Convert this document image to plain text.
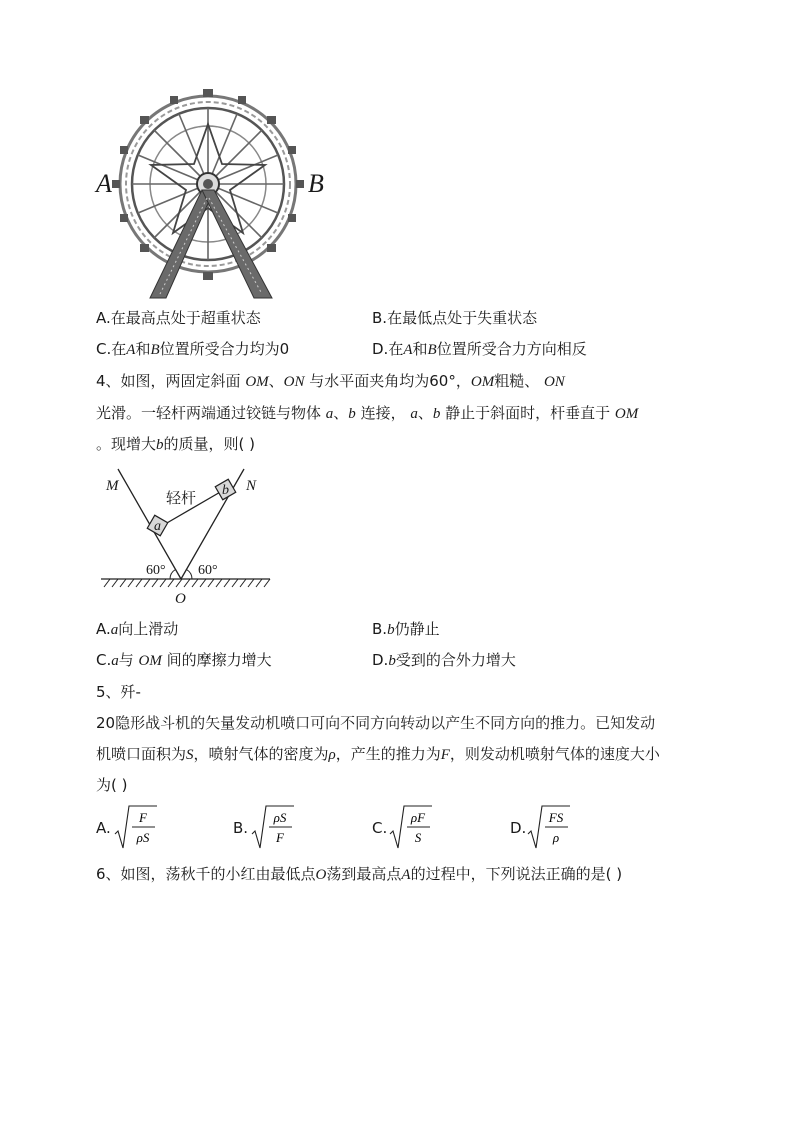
A	B
A.在最高点处于超重状态	B.在最低点处于失重状态
C.在A和B位置所受合力均为0	D.在A和B位置所受合力方向相反
4、如图，两固定斜面 OM、ON 与水平面夹角均为60°，OM粗糙、 ON
光滑。一轻杆两端通过铰链与物体 a、b 连接， a、b 静止于斜面时，杆垂直于 OM
。现增大b的质量，则( )
M	N
轻杆
a
b
60° 60°
O
A.a向上滑动	B.b仍静止
C.a与 OM 间的摩擦力增大	D.b受到的合外力增大
5、歼-
20隐形战斗机的矢量发动机喷口可向不同方向转动以产生不同方向的推力。已知发动
机喷口面积为S，喷射气体的密度为ρ，产生的推力为F，则发动机喷射气体的速度大小
为( )
A.
F
ρS
B.
ρS
F
C.
ρF
S
D.
FS
ρ
6、如图，荡秋千的小红由最低点O荡到最高点A的过程中，下列说法正确的是( )
